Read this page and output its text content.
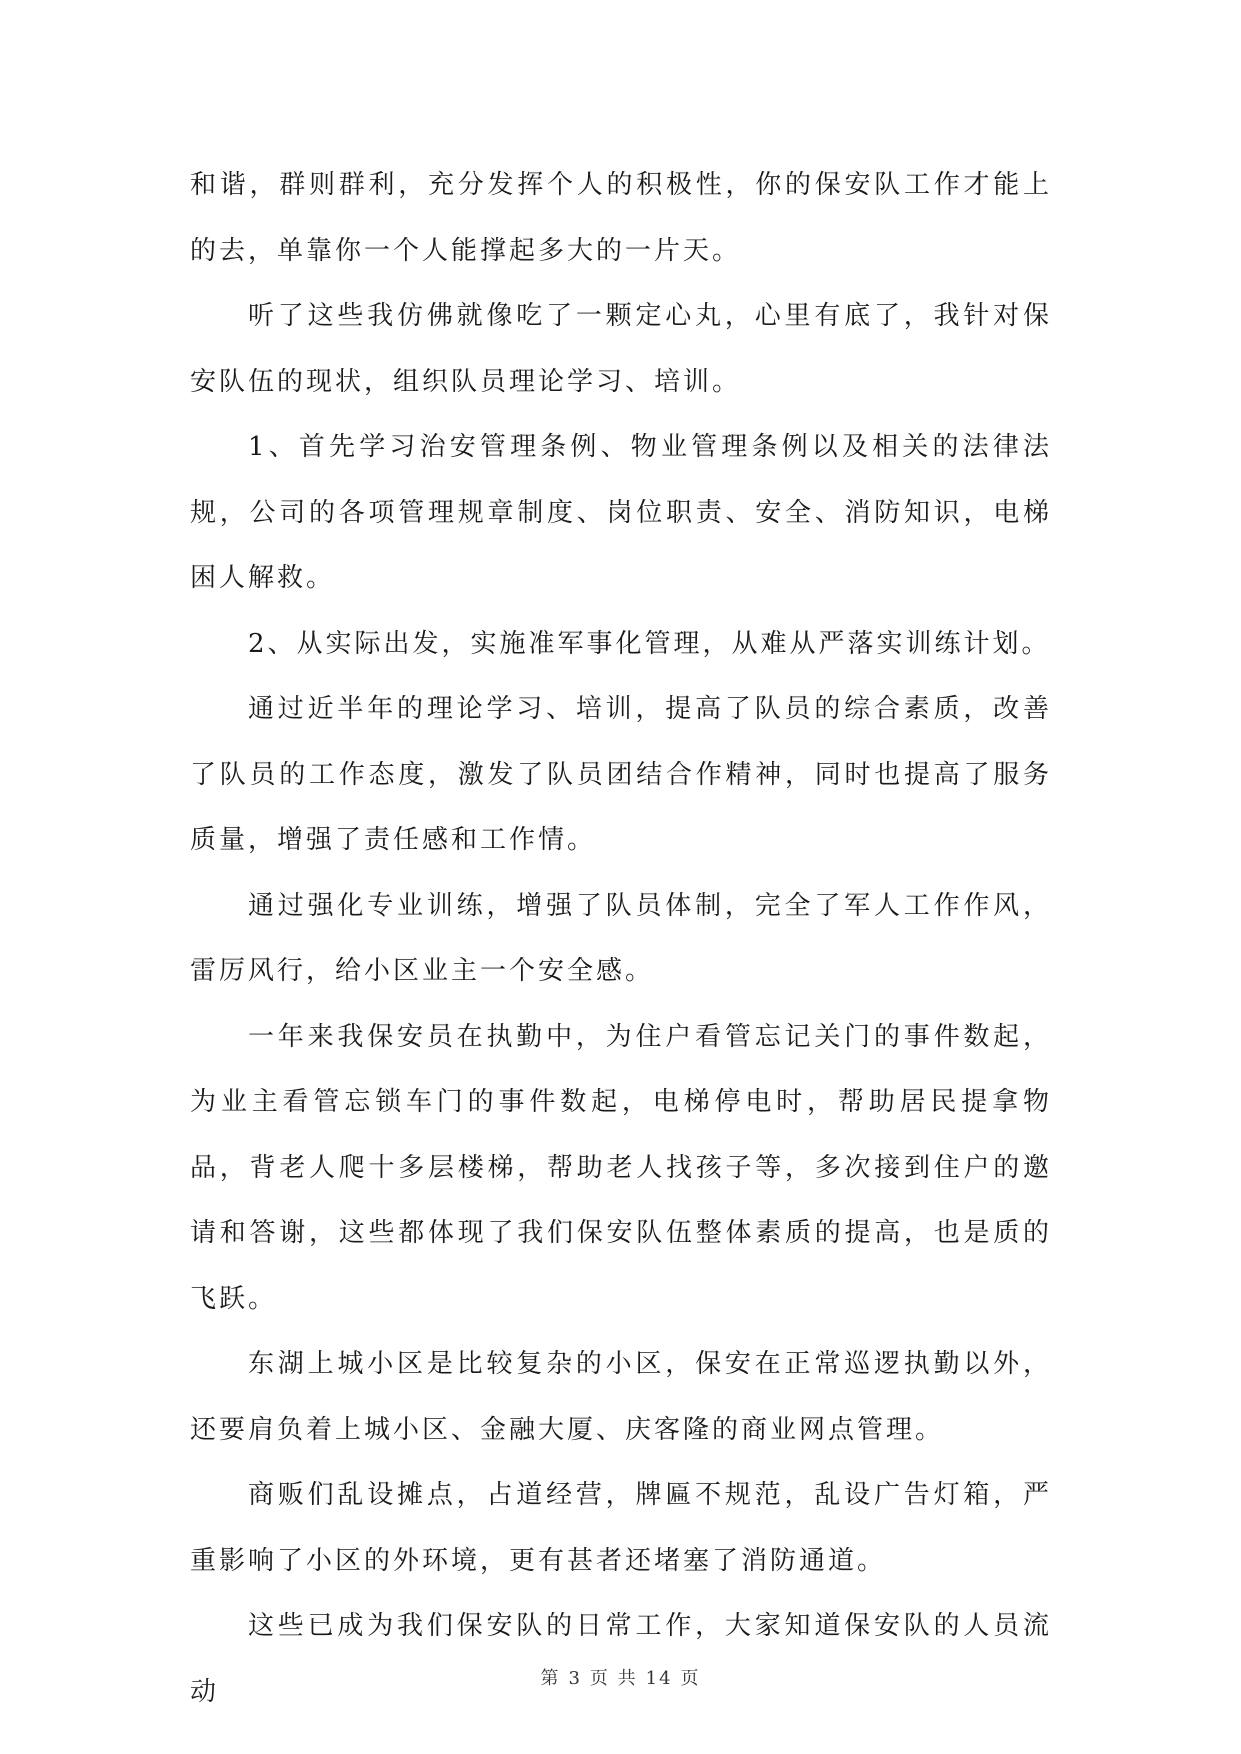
和谐，群则群利，充分发挥个人的积极性，你的保安队工作才能上的去，单靠你一个人能撑起多大的一片天。

听了这些我仿佛就像吃了一颗定心丸，心里有底了，我针对保安队伍的现状，组织队员理论学习、培训。

1、首先学习治安管理条例、物业管理条例以及相关的法律法规，公司的各项管理规章制度、岗位职责、安全、消防知识，电梯困人解救。

2、从实际出发，实施准军事化管理，从难从严落实训练计划。

通过近半年的理论学习、培训，提高了队员的综合素质，改善了队员的工作态度，激发了队员团结合作精神，同时也提高了服务质量，增强了责任感和工作情。

通过强化专业训练，增强了队员体制，完全了军人工作作风，雷厉风行，给小区业主一个安全感。

一年来我保安员在执勤中，为住户看管忘记关门的事件数起，为业主看管忘锁车门的事件数起，电梯停电时，帮助居民提拿物品，背老人爬十多层楼梯，帮助老人找孩子等，多次接到住户的邀请和答谢，这些都体现了我们保安队伍整体素质的提高，也是质的飞跃。

东湖上城小区是比较复杂的小区，保安在正常巡逻执勤以外，还要肩负着上城小区、金融大厦、庆客隆的商业网点管理。

商贩们乱设摊点，占道经营，牌匾不规范，乱设广告灯箱，严重影响了小区的外环境，更有甚者还堵塞了消防通道。

这些已成为我们保安队的日常工作，大家知道保安队的人员流动	第 3 页 共 14 页
